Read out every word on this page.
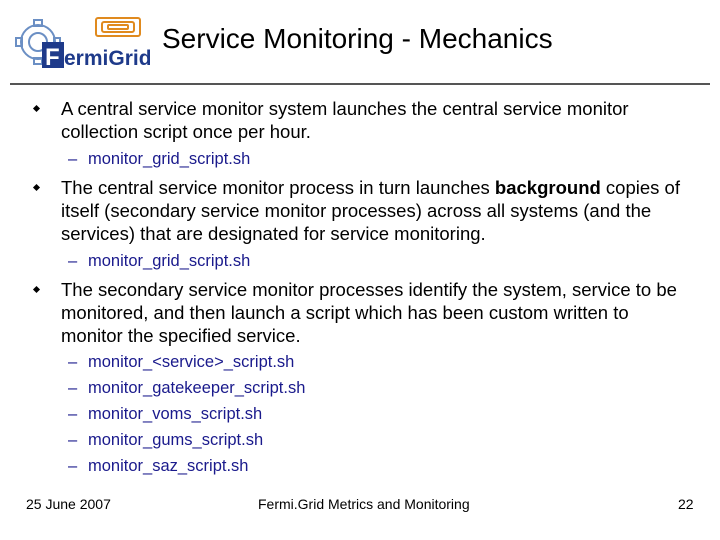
F ermiGrid
Service Monitoring - Mechanics
A central service monitor system launches the central service monitor collection script once per hour.
– monitor_grid_script.sh
The central service monitor process in turn launches background copies of itself (secondary service monitor processes) across all systems (and the services) that are designated for service monitoring.
– monitor_grid_script.sh
The secondary service monitor processes identify the system, service to be monitored, and then launch a script which has been custom written to monitor the specified service.
– monitor_<service>_script.sh
– monitor_gatekeeper_script.sh
– monitor_voms_script.sh
– monitor_gums_script.sh
– monitor_saz_script.sh
25 June 2007	Fermi.Grid Metrics and Monitoring	22
